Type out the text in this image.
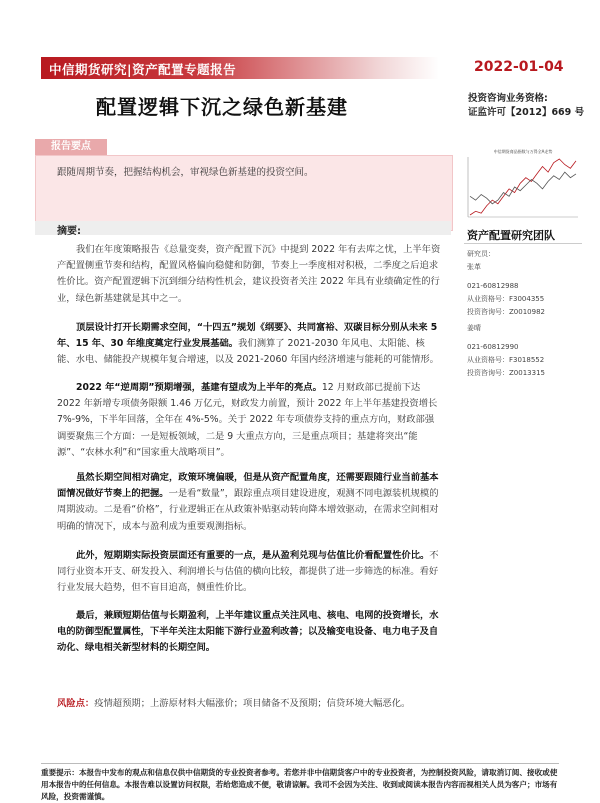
中信期货研究|资产配置专题报告	2022-01-04
配置逻辑下沉之绿色新基建	投资咨询业务资格:
证监许可【2012】669 号
报告要点
跟随周期节奏，把握结构机会，审视绿色新基建的投资空间。
摘要:

我们在年度策略报告《总量变奏，资产配置下沉》中提到 2022 年有去库之忧，上半年资产配置侧重节奏和结构，配置风格偏向稳健和防御，节奏上一季度相对积极，二季度之后追求性价比。资产配置逻辑下沉到细分结构性机会，建议投资者关注 2022 年具有业绩确定性的行业，绿色新基建就是其中之一。

顶层设计打开长期需求空间，“十四五”规划《纲要》、共同富裕、双碳目标分别从未来 5 年、15 年、30 年维度奠定行业发展基础。我们测算了 2021-2030 年风电、太阳能、核能、水电、储能投产规模年复合增速，以及 2021-2060 年国内经济增速与能耗的可能情形。

2022 年“逆周期”预期增强，基建有望成为上半年的亮点。12 月财政部已提前下达 2022 年新增专项债务限额 1.46 万亿元，财政发力前置，预计 2022 年上半年基建投资增长 7%-9%，下半年回落，全年在 4%-5%。关于 2022 年专项债券支持的重点方向，财政部强调要聚焦三个方面：一是短板领域，二是 9 大重点方向，三是重点项目；基建将突出“能源”、“农林水利”和“国家重大战略项目”。

虽然长期空间相对确定，政策环境偏暖，但是从资产配置角度，还需要跟随行业当前基本面情况做好节奏上的把握。一是看“数量”，跟踪重点项目建设进度，观测不同电源装机规模的周期波动。二是看“价格”，行业逻辑正在从政策补贴驱动转向降本增效驱动，在需求空间相对明确的情况下，成本与盈利成为重要观测指标。

此外，短期期实际投资层面还有重要的一点，是从盈利兑现与估值比价看配置性价比。不同行业资本开支、研发投入、利润增长与估值的横向比较，都提供了进一步筛选的标准。看好行业发展大趋势，但不盲目追高，侧重性价比。

最后，兼顾短期估值与长期盈利，上半年建议重点关注风电、核电、电网的投资增长，水电的防御型配置属性，下半年关注太阳能下游行业盈利改善；以及输变电设备、电力电子及自动化、绿电相关新型材料的长期空间。

风险点：疫情超预期；上游原材料大幅涨价；项目储备不及预期；信贷环境大幅恶化。
中信期货商品指数与万得全A走势
资产配置研究团队
研究员：
张革
021-60812988
从业资格号：F3004355
投资咨询号：Z0010982
姜晴
021-60812990
从业资格号：F3018552
投资咨询号：Z0013315
重要提示：本报告中发布的观点和信息仅供中信期货的专业投资者参考。若您并非中信期货客户中的专业投资者，为控制投资风险，请取消订阅、接收或使用本报告中的任何信息。本报告难以设置访问权限，若给您造成不便，敬请谅解。我司不会因为关注、收到或阅读本报告内容而视相关人员为客户；市场有风险，投资需谨慎。
